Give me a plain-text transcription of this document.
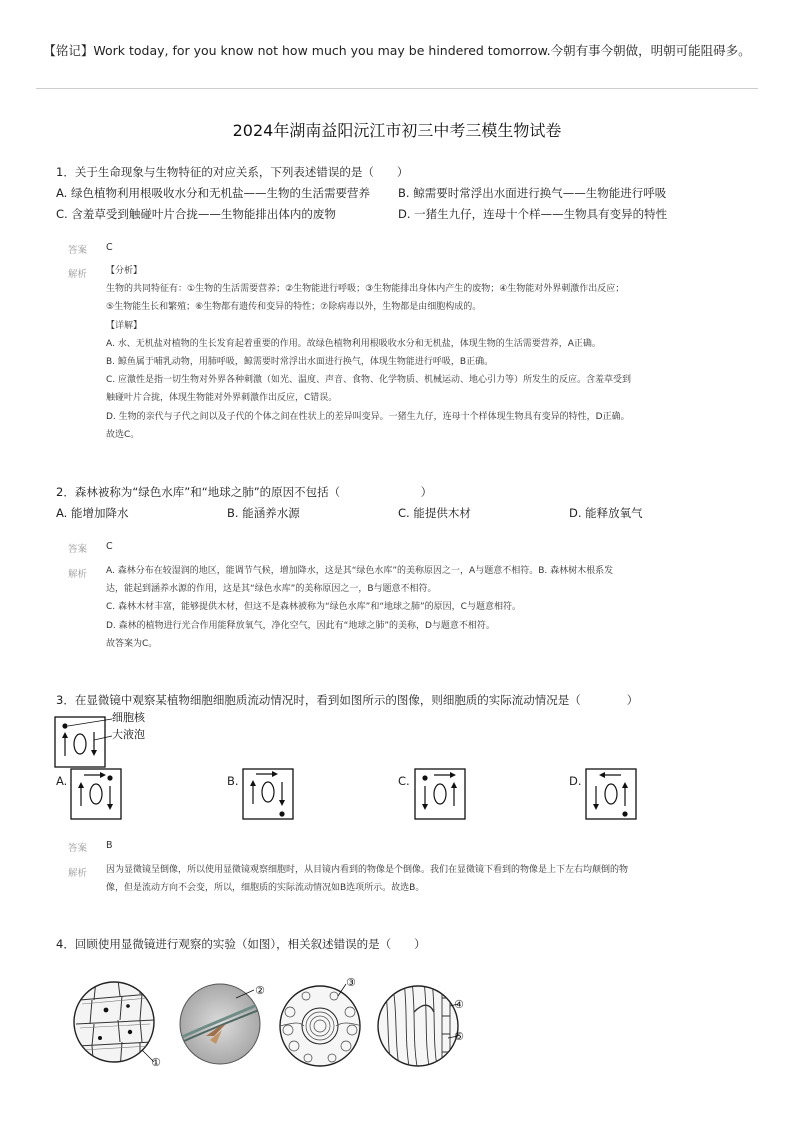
【铭记】Work today, for you know not how much you may be hindered tomorrow.今朝有事今朝做，明朝可能阻碍多。
2024年湖南益阳沅江市初三中考三模生物试卷
1．关于生命现象与生物特征的对应关系，下列表述错误的是（　　）
A. 绿色植物利用根吸收水分和无机盐——生物的生活需要营养 B. 鲸需要时常浮出水面进行换气——生物能进行呼吸
C. 含羞草受到触碰叶片合拢——生物能排出体内的废物	D. 一猪生九仔，连母十个样——生物具有变异的特性
答案 C
解析 【分析】

生物的共同特征有：①生物的生活需要营养；②生物能进行呼吸；③生物能排出身体内产生的废物；④生物能对外界刺激作出反应；

⑤生物能生长和繁殖；⑥生物都有遗传和变异的特性；⑦除病毒以外，生物都是由细胞构成的。

【详解】

A. 水、无机盐对植物的生长发育起着重要的作用。故绿色植物利用根吸收水分和无机盐，体现生物的生活需要营养，A正确。

B. 鲸鱼属于哺乳动物，用肺呼吸，鲸需要时常浮出水面进行换气，体现生物能进行呼吸，B正确。

C. 应激性是指一切生物对外界各种刺激（如光、温度、声音、食物、化学物质、机械运动、地心引力等）所发生的反应。含羞草受到

触碰叶片合拢，体现生物能对外界刺激作出反应，C错误。

D. 生物的亲代与子代之间以及子代的个体之间在性状上的差异叫变异。一猪生九仔，连母十个样体现生物具有变异的特性，D正确。

故选C。

2．森林被称为“绿色水库”和“地球之肺”的原因不包括（　　　　　　　）
A. 能增加降水	B. 能涵养水源	C. 能提供木材	D. 能释放氧气
答案 C
解析 A. 森林分布在较湿润的地区，能调节气候，增加降水，这是其“绿色水库”的美称原因之一，A与题意不相符。B. 森林树木根系发

达，能起到涵养水源的作用，这是其“绿色水库”的美称原因之一，B与题意不相符。

C. 森林木材丰富，能够提供木材，但这不是森林被称为“绿色水库”和“地球之肺”的原因，C与题意相符。

D. 森林的植物进行光合作用能释放氧气，净化空气，因此有“地球之肺”的美称，D与题意不相符。

故答案为C。

3．在显微镜中观察某植物细胞细胞质流动情况时，看到如图所示的图像，则细胞质的实际流动情况是（　　　　）
细胞核
大液泡
A.	B.	C.	D.
答案 B
解析 因为显微镜呈倒像，所以使用显微镜观察细胞时，从目镜内看到的物像是个倒像。我们在显微镜下看到的物像是上下左右均颠倒的物

像，但是流动方向不会变，所以，细胞质的实际流动情况如B选项所示。故选B。

4．回顾使用显微镜进行观察的实验（如图），相关叙述错误的是（　　）
①
②
③
④
⑤
